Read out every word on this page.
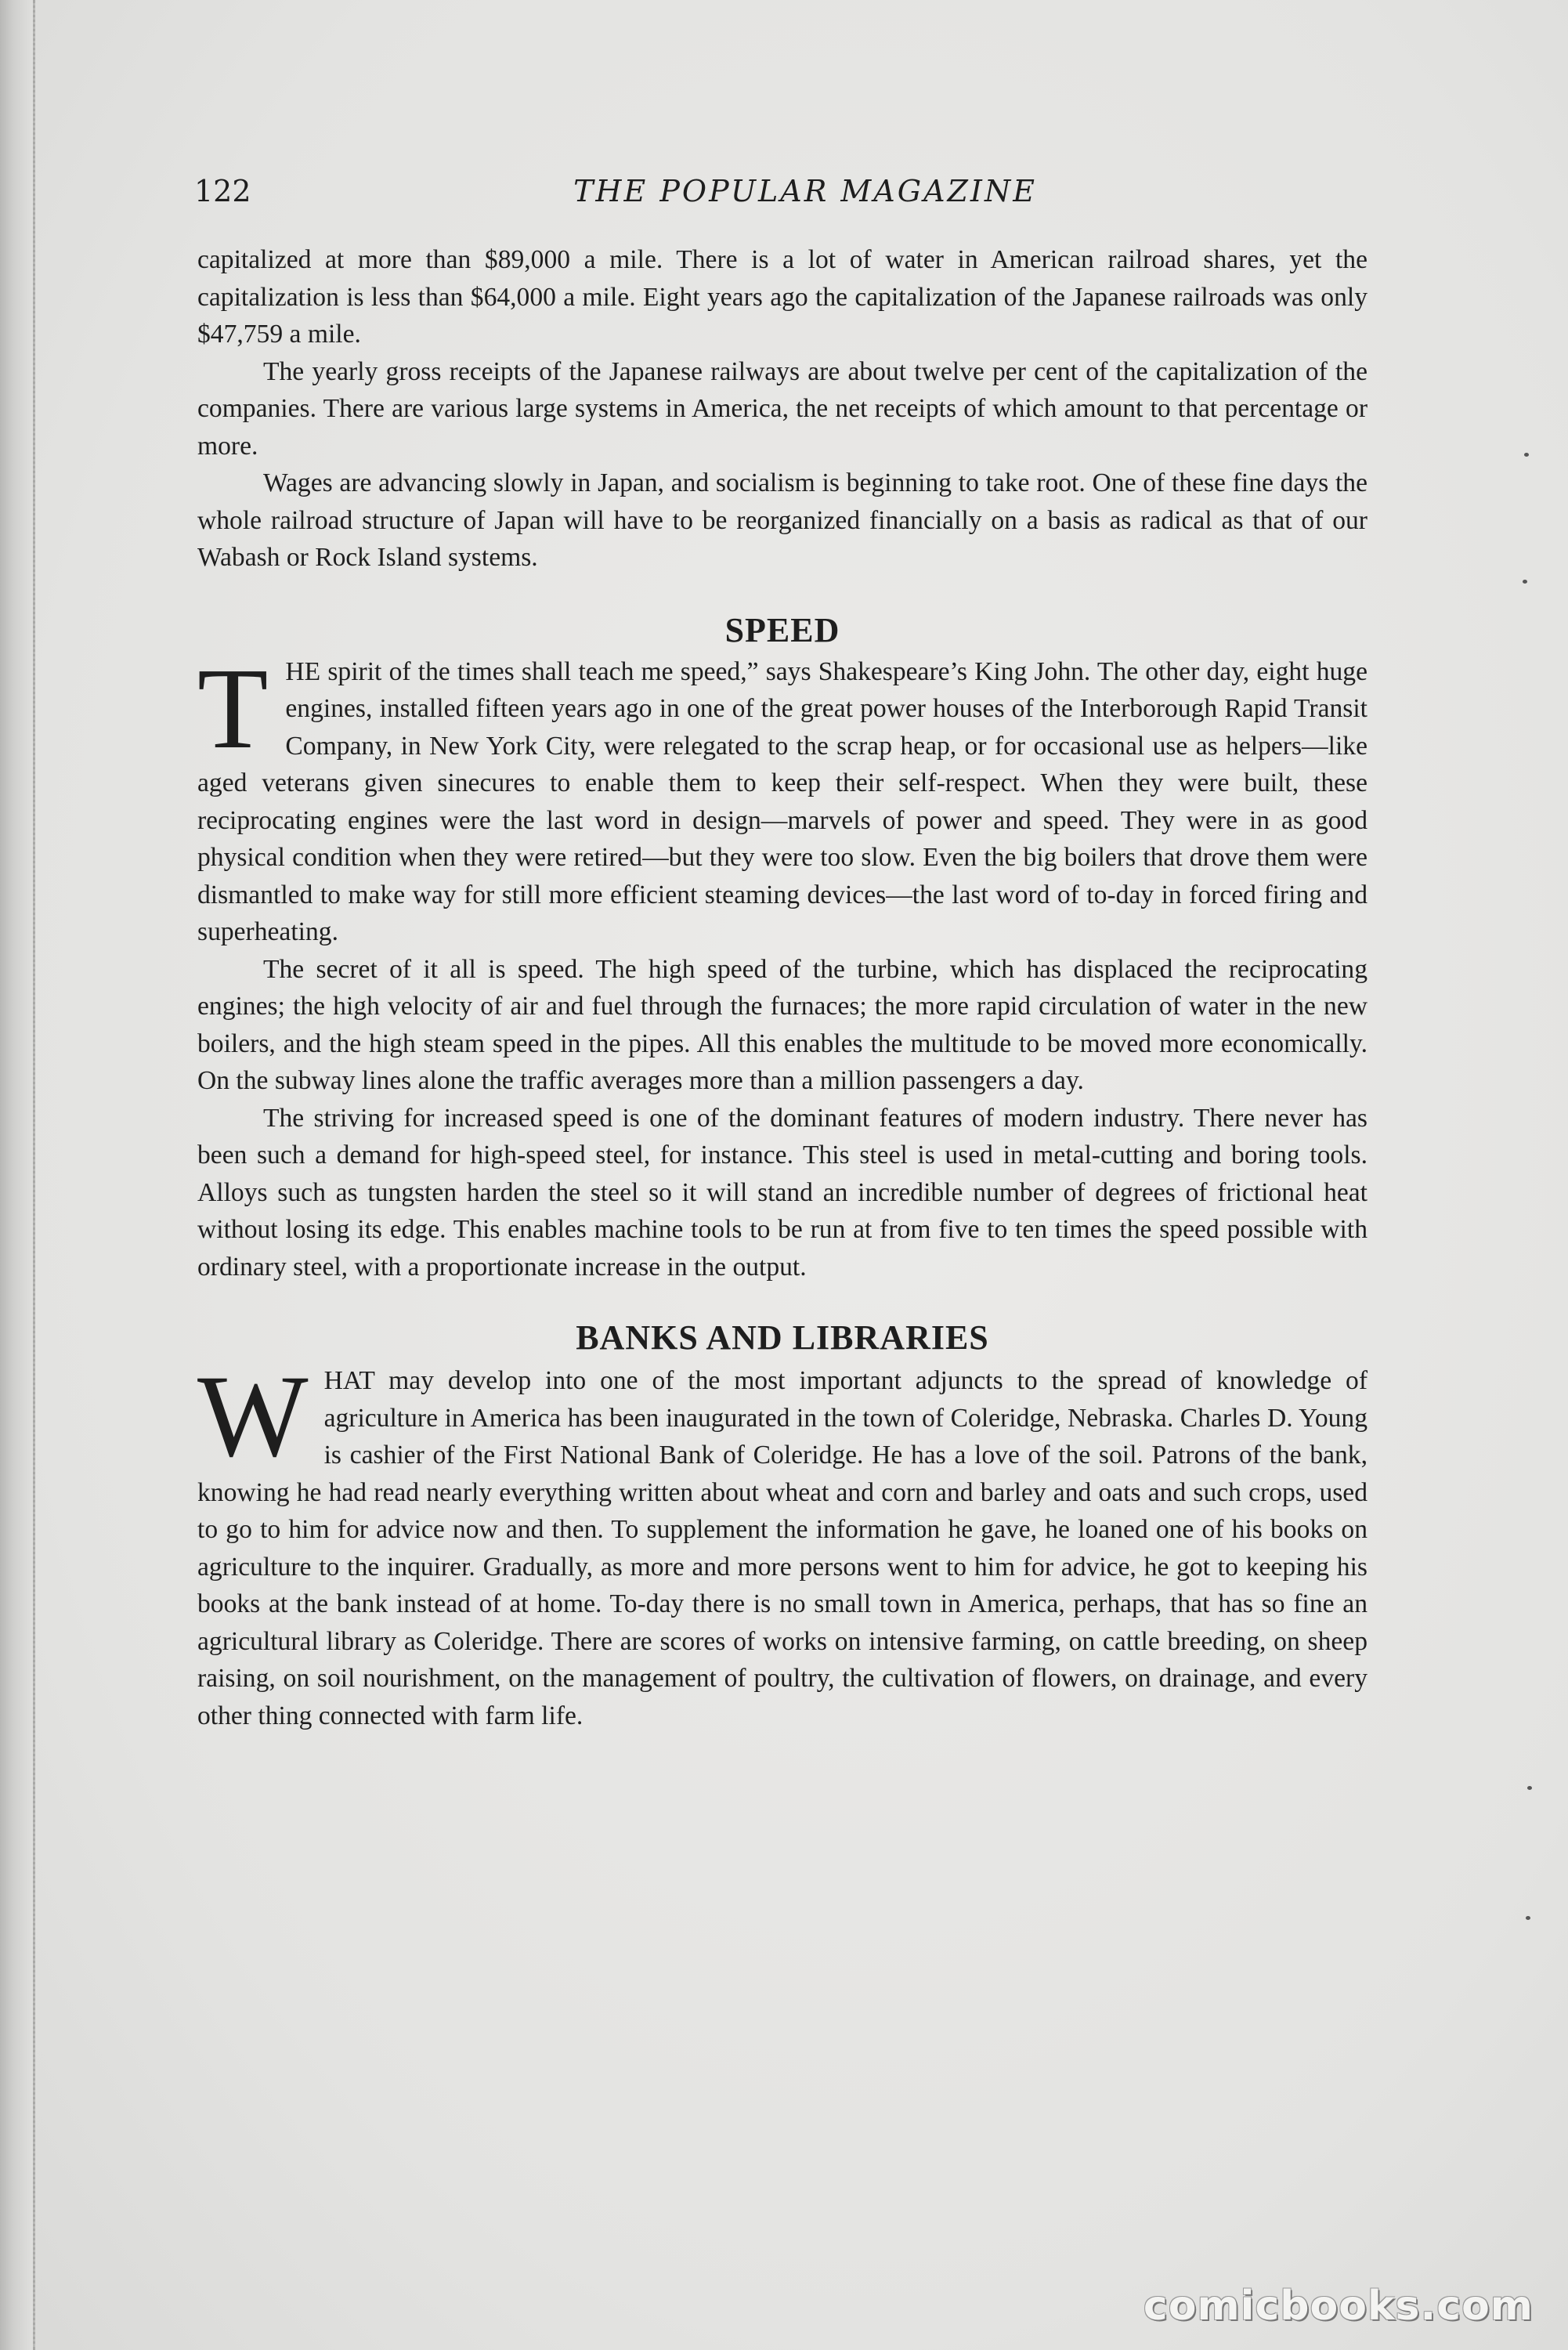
122	THE POPULAR MAGAZINE

capitalized at more than $89,000 a mile. There is a lot of water in American railroad shares, yet the capitalization is less than $64,000 a mile. Eight years ago the capitalization of the Japanese railroads was only $47,759 a mile.

The yearly gross receipts of the Japanese railways are about twelve per cent of the capitalization of the companies. There are various large systems in America, the net receipts of which amount to that percentage or more.

Wages are advancing slowly in Japan, and socialism is beginning to take root. One of these fine days the whole railroad structure of Japan will have to be reorganized financially on a basis as radical as that of our Wabash or Rock Island systems.

SPEED

THE spirit of the times shall teach me speed,” says Shakespeare’s King John. The other day, eight huge engines, installed fifteen years ago in one of the great power houses of the Interborough Rapid Transit Company, in New York City, were relegated to the scrap heap, or for occasional use as helpers—like aged veterans given sinecures to enable them to keep their self-respect. When they were built, these reciprocating engines were the last word in design—marvels of power and speed. They were in as good physical condition when they were retired—but they were too slow. Even the big boilers that drove them were dismantled to make way for still more efficient steaming devices—the last word of to-day in forced firing and superheating.

The secret of it all is speed. The high speed of the turbine, which has displaced the reciprocating engines; the high velocity of air and fuel through the furnaces; the more rapid circulation of water in the new boilers, and the high steam speed in the pipes. All this enables the multitude to be moved more economically. On the subway lines alone the traffic averages more than a million passengers a day.

The striving for increased speed is one of the dominant features of modern industry. There never has been such a demand for high-speed steel, for instance. This steel is used in metal-cutting and boring tools. Alloys such as tungsten harden the steel so it will stand an incredible number of degrees of frictional heat without losing its edge. This enables machine tools to be run at from five to ten times the speed possible with ordinary steel, with a proportionate increase in the output.

BANKS AND LIBRARIES

WHAT may develop into one of the most important adjuncts to the spread of knowledge of agriculture in America has been inaugurated in the town of Coleridge, Nebraska. Charles D. Young is cashier of the First National Bank of Coleridge. He has a love of the soil. Patrons of the bank, knowing he had read nearly everything written about wheat and corn and barley and oats and such crops, used to go to him for advice now and then. To supplement the information he gave, he loaned one of his books on agriculture to the inquirer. Gradually, as more and more persons went to him for advice, he got to keeping his books at the bank instead of at home. To-day there is no small town in America, perhaps, that has so fine an agricultural library as Coleridge. There are scores of works on intensive farming, on cattle breeding, on sheep raising, on soil nourishment, on the management of poultry, the cultivation of flowers, on drainage, and every other thing connected with farm life.

comicbooks.com
